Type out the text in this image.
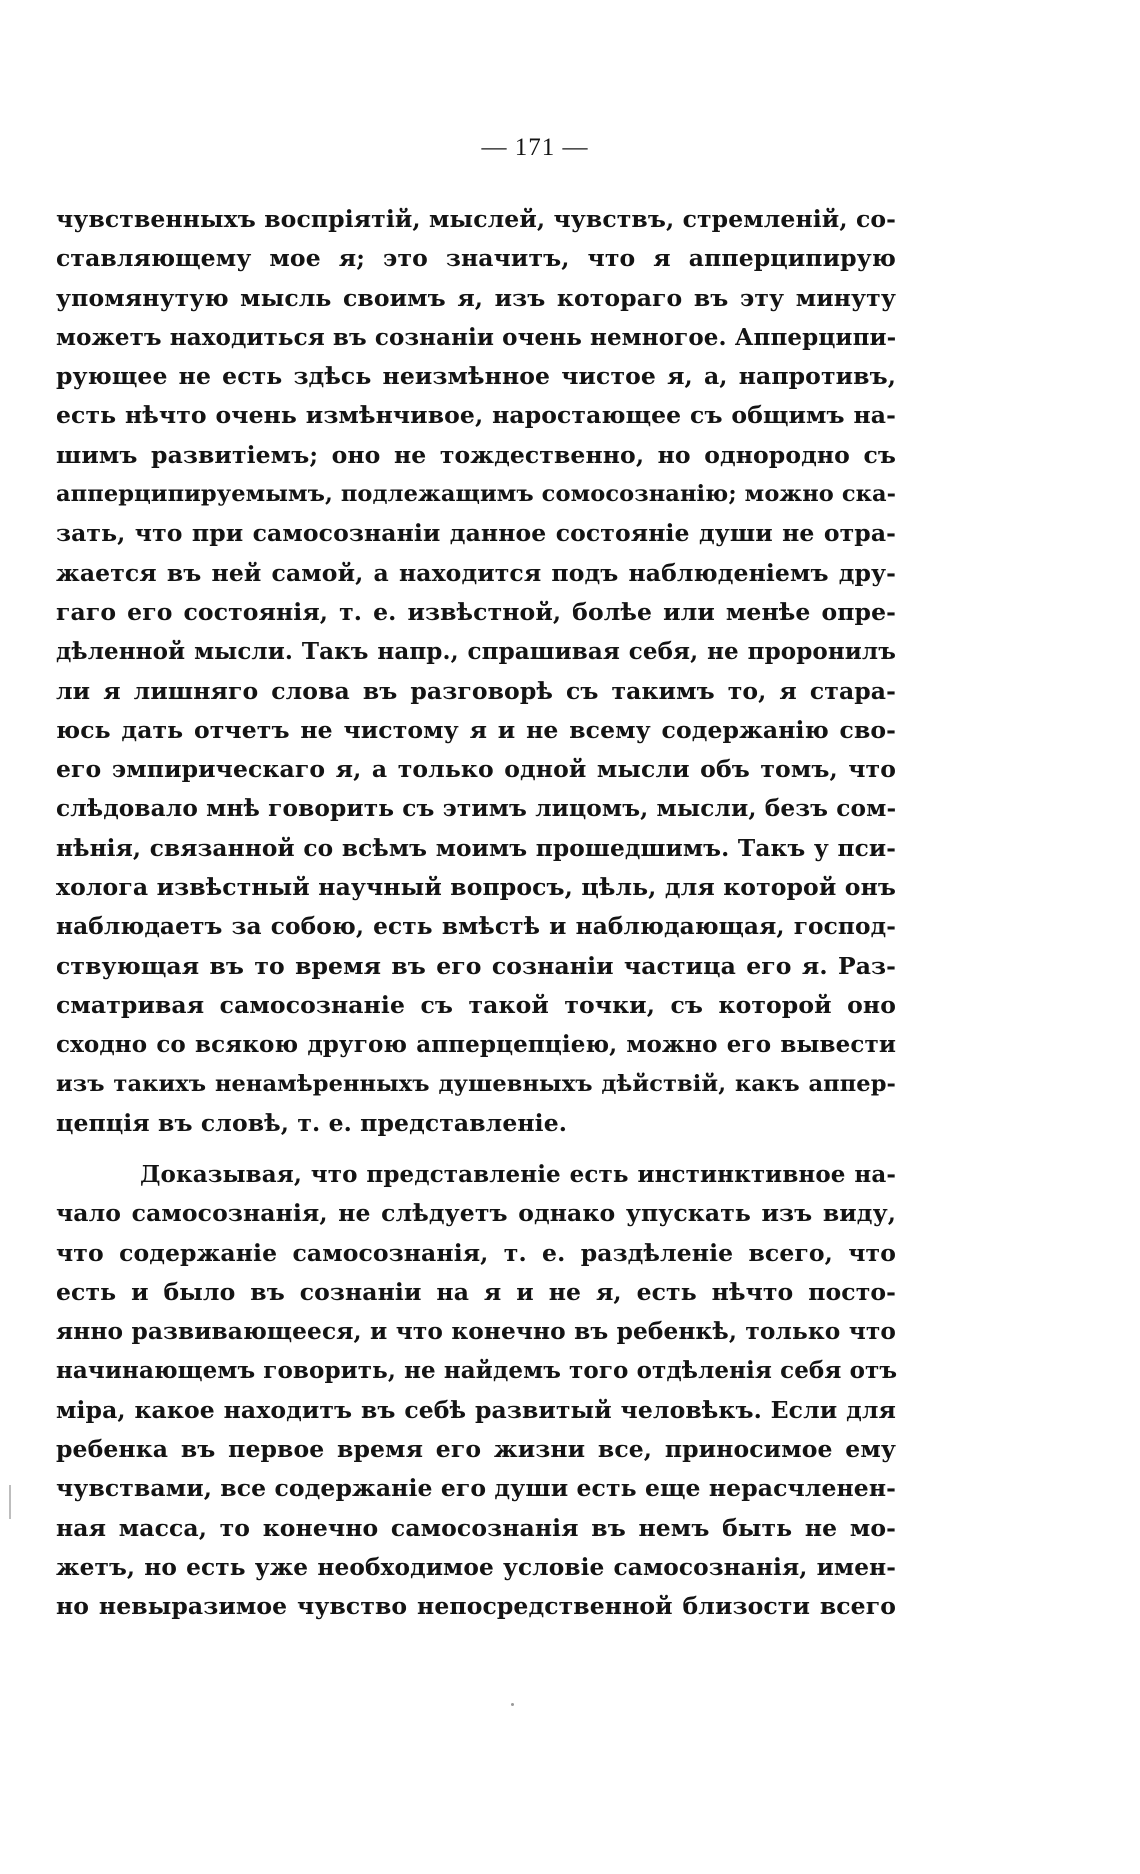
— 171 —
чувственныхъ воспріятій, мыслей, чувствъ, стремленій, со-
ставляющему мое я; это значитъ, что я апперципирую
упомянутую мысль своимъ я, изъ котораго въ эту минуту
можетъ находиться въ сознаніи очень немногое. Апперципи-
рующее не есть здѣсь неизмѣнное чистое я, а, напротивъ,
есть нѣчто очень измѣнчивое, наростающее съ общимъ на-
шимъ развитіемъ; оно не тождественно, но однородно съ
апперципируемымъ, подлежащимъ сомосознанію; можно ска-
зать, что при самосознаніи данное состояніе души не отра-
жается въ ней самой, а находится подъ наблюденіемъ дру-
гаго его состоянія, т. е. извѣстной, болѣе или менѣе опре-
дѣленной мысли. Такъ напр., спрашивая себя, не проронилъ
ли я лишняго слова въ разговорѣ съ такимъ то, я стара-
юсь дать отчетъ не чистому я и не всему содержанію сво-
его эмпирическаго я, а только одной мысли объ томъ, что
слѣдовало мнѣ говорить съ этимъ лицомъ, мысли, безъ сом-
нѣнія, связанной со всѣмъ моимъ прошедшимъ. Такъ у пси-
холога извѣстный научный вопросъ, цѣль, для которой онъ
наблюдаетъ за собою, есть вмѣстѣ и наблюдающая, господ-
ствующая въ то время въ его сознаніи частица его я. Раз-
сматривая самосознаніе съ такой точки, съ которой оно
сходно со всякою другою апперцепціею, можно его вывести
изъ такихъ ненамѣренныхъ душевныхъ дѣйствій, какъ аппер-
цепція въ словѣ, т. е. представленіе.
Доказывая, что представленіе есть инстинктивное на-
чало самосознанія, не слѣдуетъ однако упускать изъ виду,
что содержаніе самосознанія, т. е. раздѣленіе всего, что
есть и было въ сознаніи на я и не я, есть нѣчто посто-
янно развивающееся, и что конечно въ ребенкѣ, только что
начинающемъ говорить, не найдемъ того отдѣленія себя отъ
міра, какое находитъ въ себѣ развитый человѣкъ. Если для
ребенка въ первое время его жизни все, приносимое ему
чувствами, все содержаніе его души есть еще нерасчленен-
ная масса, то конечно самосознанія въ немъ быть не мо-
жетъ, но есть уже необходимое условіе самосознанія, имен-
но невыразимое чувство непосредственной близости всего
